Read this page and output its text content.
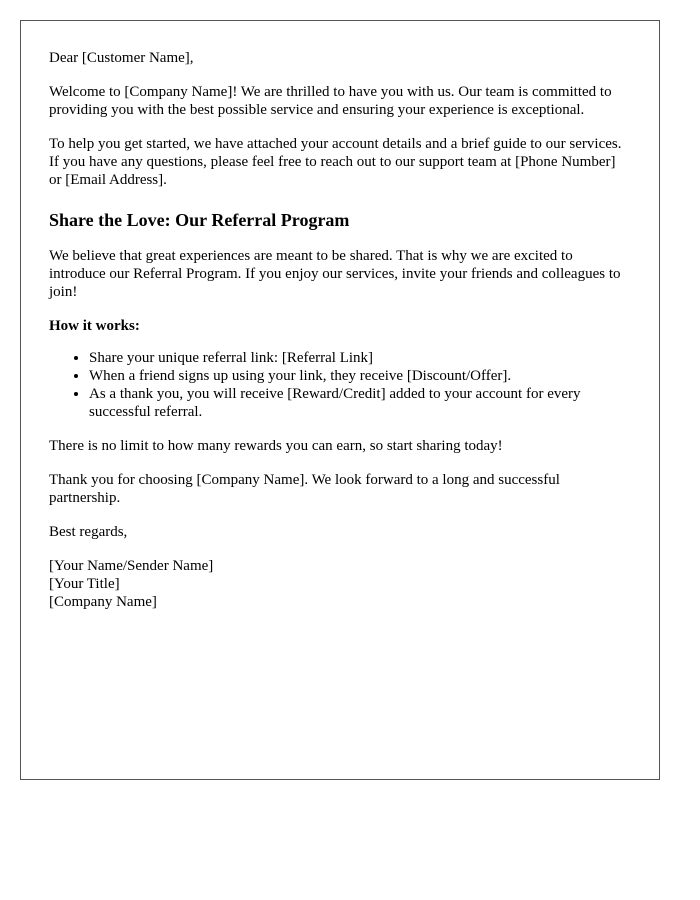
Dear [Customer Name],

Welcome to [Company Name]! We are thrilled to have you with us. Our team is committed to providing you with the best possible service and ensuring your experience is exceptional.

To help you get started, we have attached your account details and a brief guide to our services. If you have any questions, please feel free to reach out to our support team at [Phone Number] or [Email Address].

Share the Love: Our Referral Program

We believe that great experiences are meant to be shared. That is why we are excited to introduce our Referral Program. If you enjoy our services, invite your friends and colleagues to join!

How it works:

• Share your unique referral link: [Referral Link]
• When a friend signs up using your link, they receive [Discount/Offer].
• As a thank you, you will receive [Reward/Credit] added to your account for every successful referral.

There is no limit to how many rewards you can earn, so start sharing today!

Thank you for choosing [Company Name]. We look forward to a long and successful partnership.

Best regards,

[Your Name/Sender Name]
[Your Title]
[Company Name]
